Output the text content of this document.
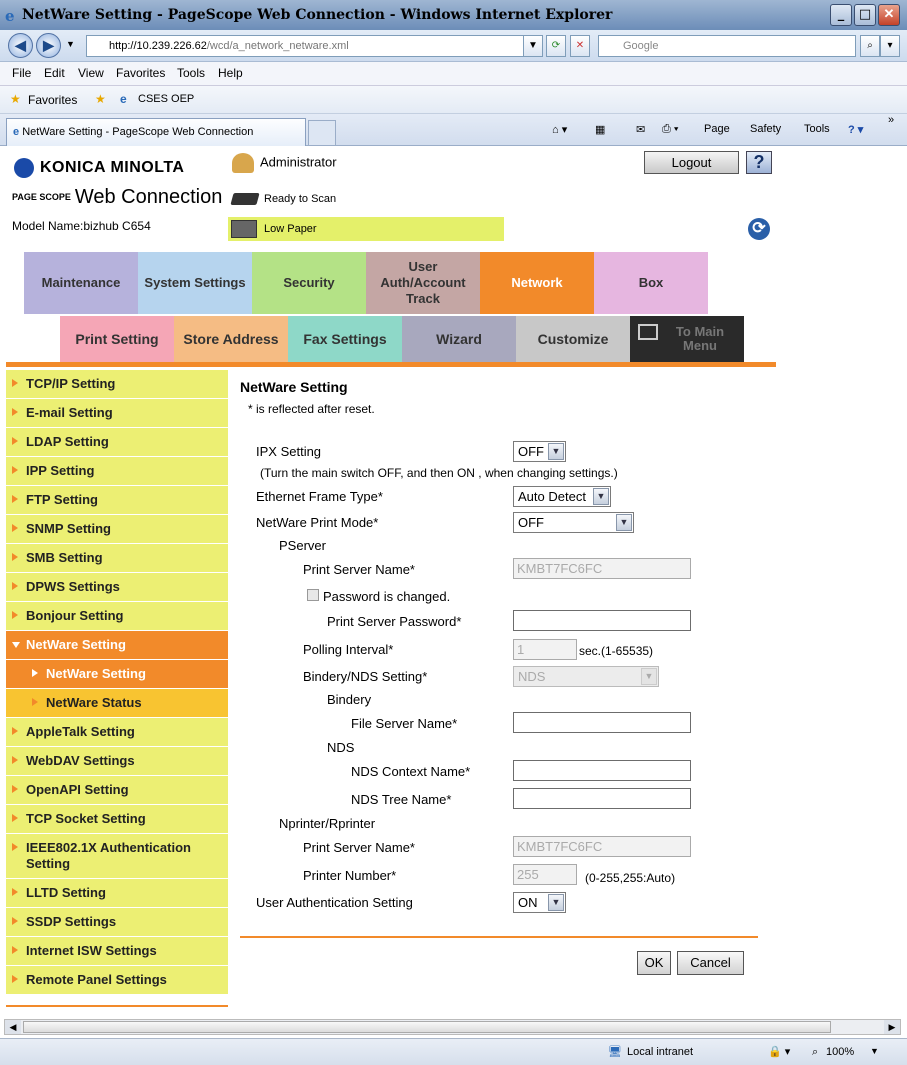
e NetWare Setting - PageScope Web Connection - Windows Internet Explorer	_	□ ✕
◀	▶	▼	http://10.239.226.62/wcd/a_network_netware.xml	▼	⟳	✕	Google	⌕	▾
File Edit View Favorites Tools Help
★ Favorites ★ e CSES OEP
e NetWare Setting - PageScope Web Connection	⌂ ▾	▦	✉ ⎙ ▾ Page Safety Tools ? ▾
»
KONICA MINOLTA
PAGE SCOPE Web Connection
Model Name:bizhub C654
Administrator
Ready to Scan
Low Paper
Logout	?
⟳
Maintenance	System Settings	Security
User Auth/Account Track
Network	Box
Print Setting	Store Address	Fax Settings	Wizard	Customize	To Main Menu
TCP/IP Setting
E-mail Setting
LDAP Setting
IPP Setting
FTP Setting
SNMP Setting
SMB Setting
DPWS Settings
Bonjour Setting
NetWare Setting
NetWare Setting
NetWare Status
AppleTalk Setting
WebDAV Settings
OpenAPI Setting
TCP Socket Setting
IEEE802.1X Authentication Setting
LLTD Setting
SSDP Settings
Internet ISW Settings
Remote Panel Settings
NetWare Setting
* is reflected after reset.
IPX Setting	OFF ▼
(Turn the main switch OFF, and then ON , when changing settings.)
Ethernet Frame Type*	Auto Detect	▼
NetWare Print Mode*	OFF	▼
PServer
Print Server Name*	KMBT7FC6FC
Password is changed.
Print Server Password*
Polling Interval*	1	sec.(1-65535)
Bindery/NDS Setting*	NDS	▼
Bindery
File Server Name*
NDS
NDS Context Name*
NDS Tree Name*
Nprinter/Rprinter
Print Server Name*	KMBT7FC6FC
Printer Number*	255	(0-255,255:Auto)
User Authentication Setting	ON	▼
OK	Cancel
◀	▶
🖥 Local intranet	🔒 ▾ ⌕ 100% ▼
